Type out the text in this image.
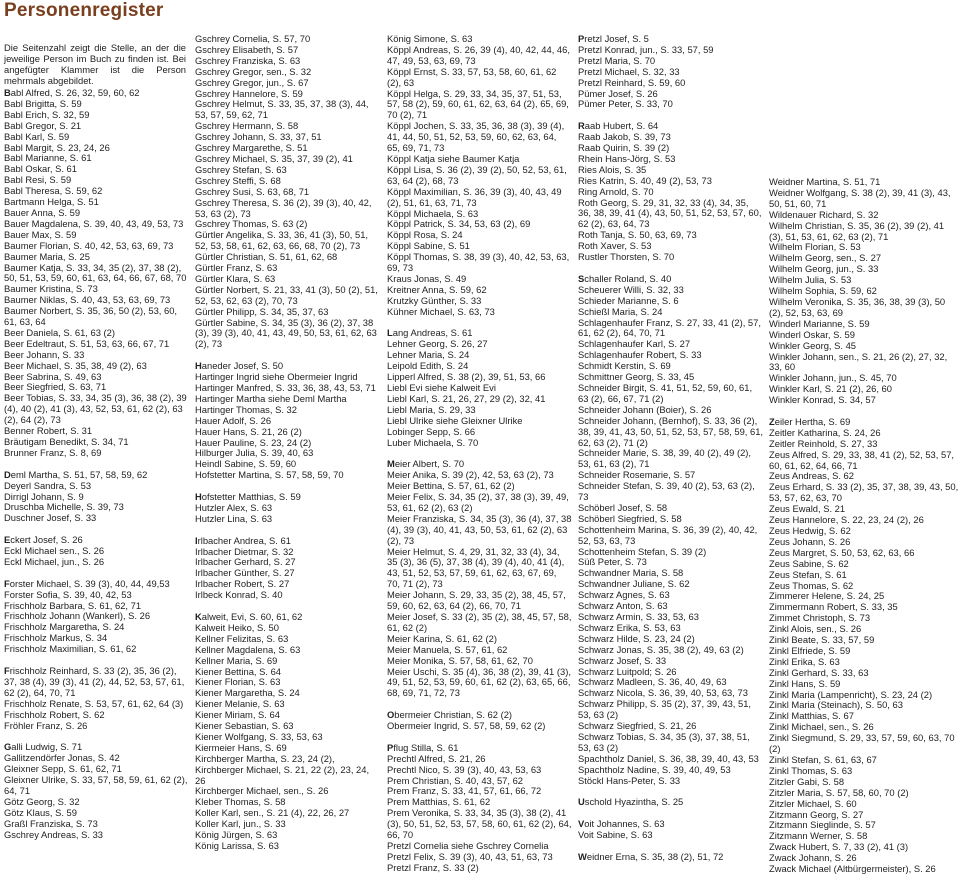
Personenregister

Die Seitenzahl zeigt die Stelle, an der die jeweilige Person im Buch zu finden ist. Bei angefügter Klammer ist die Person mehrmals abgebildet.

Babl Alfred, S. 26, 32, 59, 60, 62
Babl Brigitta, S. 59
Babl Erich, S. 32, 59
Babl Gregor, S. 21
Babl Karl, S. 59
Babl Margit, S. 23, 24, 26
Babl Marianne, S. 61
Babl Oskar, S. 61
Babl Resi, S. 59
Babl Theresa, S. 59, 62
Bartmann Helga, S. 51
Bauer Anna, S. 59
Bauer Magdalena, S. 39, 40, 43, 49, 53, 73
Bauer Max, S. 59
Baumer Florian, S. 40, 42, 53, 63, 69, 73
Baumer Maria, S. 25
Baumer Katja, S. 33, 34, 35 (2), 37, 38 (2), 50, 51, 53, 59, 60, 61, 63, 64, 66, 67, 68, 70
Baumer Kristina, S. 73
Baumer Niklas, S. 40, 43, 53, 63, 69, 73
Baumer Norbert, S. 35, 36, 50 (2), 53, 60, 61, 63, 64
Beer Daniela, S. 61, 63 (2)
Beer Edeltraut, S. 51, 53, 63, 66, 67, 71
Beer Johann, S. 33
Beer Michael, S. 35, 38, 49 (2), 63
Beer Sabrina, S. 49, 63
Beer Siegfried, S. 63, 71
Beer Tobias, S. 33, 34, 35 (3), 36, 38 (2), 39 (4), 40 (2), 41 (3), 43, 52, 53, 61, 62 (2), 63 (2), 64 (2), 73
Benner Robert, S. 31
Bräutigam Benedikt, S. 34, 71
Brunner Franz, S. 8, 69
Deml Martha, S. 51, 57, 58, 59, 62
Deyerl Sandra, S. 53
Dirrigl Johann, S. 9
Druschba Michelle, S. 39, 73
Duschner Josef, S. 33
Eckert Josef, S. 26
Eckl Michael sen., S. 26
Eckl Michael, jun., S. 26
Forster Michael, S. 39 (3), 40, 44, 49,53
Forster Sofia, S. 39, 40, 42, 53
Frischholz Barbara, S. 61, 62, 71
Frischholz Johann (Wankerl), S. 26
Frischholz Margaretha, S. 24
Frischholz Markus, S. 34
Frischholz Maximilian, S. 61, 62
Frischholz Reinhard, S. 33 (2), 35, 36 (2), 37, 38 (4), 39 (3), 41 (2), 44, 52, 53, 57, 61, 62 (2), 64, 70, 71
Frischholz Renate, S. 53, 57, 61, 62, 64 (3)
Frischholz Robert, S. 62
Fröhler Franz, S. 26
Galli Ludwig, S. 71
Gallitzendörfer Jonas, S. 42
Gleixner Sepp, S. 61, 62, 71
Gleixner Ulrike, S. 33, 57, 58, 59, 61, 62 (2), 64, 71
Götz Georg, S. 32
Götz Klaus, S. 59
Graßl Franziska, S. 73
Gschrey Andreas, S. 33
Gschrey Cornelia, S. 57, 70
Gschrey Elisabeth, S. 57
Gschrey Franziska, S. 63
Gschrey Gregor, sen., S. 32
Gschrey Gregor, jun., S. 67
Gschrey Hannelore, S. 59
Gschrey Helmut, S. 33, 35, 37, 38 (3), 44, 53, 57, 59, 62, 71
Gschrey Hermann, S. 58
Gschrey Johann, S. 33, 37, 51
Gschrey Margarethe, S. 51
Gschrey Michael, S. 35, 37, 39 (2), 41
Gschrey Stefan, S. 63
Gschrey Steffi, S. 68
Gschrey Susi, S. 63, 68, 71
Gschrey Theresa, S. 36 (2), 39 (3), 40, 42, 53, 63 (2), 73
Gschrey Thomas, S. 63 (2)
Gürtler Angelika, S. 33, 36, 41 (3), 50, 51, 52, 53, 58, 61, 62, 63, 66, 68, 70 (2), 73
Gürtler Christian, S. 51, 61, 62, 68
Gürtler Franz, S. 63
Gürtler Klara, S. 63
Gürtler Norbert, S. 21, 33, 41 (3), 50 (2), 51, 52, 53, 62, 63 (2), 70, 73
Gürtler Philipp, S. 34, 35, 37, 63
Gürtler Sabine, S. 34, 35 (3), 36 (2), 37, 38 (3), 39 (3), 40, 41, 43, 49, 50, 53, 61, 62, 63 (2), 73
Haneder Josef, S. 50
Hartinger Ingrid siehe Obermeier Ingrid
Hartinger Manfred, S. 33, 36, 38, 43, 53, 71
Hartinger Martha siehe Deml Martha
Hartinger Thomas, S. 32
Hauer Adolf, S. 26
Hauer Hans, S. 21, 26 (2)
Hauer Pauline, S. 23, 24 (2)
Hilburger Julia, S. 39, 40, 63
Heindl Sabine, S. 59, 60
Hofstetter Martina, S. 57, 58, 59, 70
Hofstetter Matthias, S. 59
Hutzler Alex, S. 63
Hutzler Lina, S. 63
Irlbacher Andrea, S. 61
Irlbacher Dietmar, S. 32
Irlbacher Gerhard, S. 27
Irlbacher Günther, S. 27
Irlbacher Robert, S. 27
Irlbeck Konrad, S. 40
Kalweit, Evi, S. 60, 61, 62
Kalweit Heiko, S. 50
Kellner Felizitas, S. 63
Kellner Magdalena, S. 63
Kellner Maria, S. 69
Kiener Bettina, S. 64
Kiener Florian, S. 63
Kiener Margaretha, S. 24
Kiener Melanie, S. 63
Kiener Miriam, S. 64
Kiener Sebastian, S. 63
Kiener Wolfgang, S. 33, 53, 63
Kiermeier Hans, S. 69
Kirchberger Martha, S. 23, 24 (2),
Kirchberger Michael, S. 21, 22 (2), 23, 24, 26
Kirchberger Michael, sen., S. 26
Kleber Thomas, S. 58
Koller Karl, sen., S. 21 (4), 22, 26, 27
Koller Karl, jun., S. 33
König Jürgen, S. 63
König Larissa, S. 63
König Simone, S. 63
Köppl Andreas, S. 26, 39 (4), 40, 42, 44, 46, 47, 49, 53, 63, 69, 73
Köppl Ernst, S. 33, 57, 53, 58, 60, 61, 62 (2), 63
Köppl Helga, S. 29, 33, 34, 35, 37, 51, 53, 57, 58 (2), 59, 60, 61, 62, 63, 64 (2), 65, 69, 70 (2), 71
Köppl Jochen, S. 33, 35, 36, 38 (3), 39 (4), 41, 44, 50, 51, 52, 53, 59, 60, 62, 63, 64, 65, 69, 71, 73
Köppl Katja siehe Baumer Katja
Köppl Lisa, S. 36 (2), 39 (2), 50, 52, 53, 61, 63, 64 (2), 68, 73
Köppl Maximilian, S. 36, 39 (3), 40, 43, 49 (2), 51, 61, 63, 71, 73
Köppl Michaela, S. 63
Köppl Patrick, S. 34, 53, 63 (2), 69
Köppl Rosa, S. 24
Köppl Sabine, S. 51
Köppl Thomas, S. 38, 39 (3), 40, 42, 53, 63, 69, 73
Kraus Jonas, S. 49
Kreitner Anna, S. 59, 62
Krutzky Günther, S. 33
Kühner Michael, S. 63, 73
Lang Andreas, S. 61
Lehner Georg, S. 26, 27
Lehner Maria, S. 24
Leipold Edith, S. 24
Lipperl Alfred, S. 38 (2), 39, 51, 53, 66
Liebl Evi siehe Kalweit Evi
Liebl Karl, S. 21, 26, 27, 29 (2), 32, 41
Liebl Maria, S. 29, 33
Liebl Ulrike siehe Gleixner Ulrike
Lobinger Sepp, S. 66
Luber Michaela, S. 70
Meier Albert, S. 70
Meier Anika, S. 39 (2), 42, 53, 63 (2), 73
Meier Bettina, S. 57, 61, 62 (2)
Meier Felix, S. 34, 35 (2), 37, 38 (3), 39, 49, 53, 61, 62 (2), 63 (2)
Meier Franziska, S. 34, 35 (3), 36 (4), 37, 38 (4), 39 (3), 40, 41, 43, 50, 53, 61, 62 (2), 63 (2), 73
Meier Helmut, S. 4, 29, 31, 32, 33 (4), 34, 35 (3), 36 (5), 37, 38 (4), 39 (4), 40, 41 (4), 43, 51, 52, 53, 57, 59, 61, 62, 63, 67, 69, 70, 71 (2), 73
Meier Johann, S. 29, 33, 35 (2), 38, 45, 57, 59, 60, 62, 63, 64 (2), 66, 70, 71
Meier Josef, S. 33 (2), 35 (2), 38, 45, 57, 58, 61, 62 (2)
Meier Karina, S. 61, 62 (2)
Meier Manuela, S. 57, 61, 62
Meier Monika, S. 57, 58, 61, 62, 70
Meier Uschi, S. 35 (4), 36, 38 (2), 39, 41 (3), 49, 51, 52, 53, 59, 60, 61, 62 (2), 63, 65, 66, 68, 69, 71, 72, 73
Obermeier Christian, S. 62 (2)
Obermeier Ingrid, S. 57, 58, 59, 62 (2)
Pflug Stilla, S. 61
Prechtl Alfred, S. 21, 26
Prechtl Nico, S. 39 (3), 40, 43, 53, 63
Prem Christian, S. 40, 43, 57, 62
Prem Franz, S. 33, 41, 57, 61, 66, 72
Prem Matthias, S. 61, 62
Prem Veronika, S. 33, 34, 35 (3), 38 (2), 41 (3), 50, 51, 52, 53, 57, 58, 60, 61, 62 (2), 64, 66, 70
Pretzl Cornelia siehe Gschrey Cornelia
Pretzl Felix, S. 39 (3), 40, 43, 51, 63, 73
Pretzl Franz, S. 33 (2)
Pretzl Josef, S. 5
Pretzl Konrad, jun., S. 33, 57, 59
Pretzl Maria, S. 70
Pretzl Michael, S. 32, 33
Pretzl Reinhard, S. 59, 60
Pümer Josef, S. 26
Pümer Peter, S. 33, 70
Raab Hubert, S. 64
Raab Jakob, S. 39, 73
Raab Quirin, S. 39 (2)
Rhein Hans-Jörg, S. 53
Ries Alois, S. 35
Ries Katrin, S. 40, 49 (2), 53, 73
Ring Arnold, S. 70
Roth Georg, S. 29, 31, 32, 33 (4), 34, 35, 36, 38, 39, 41 (4), 43, 50, 51, 52, 53, 57, 60, 62 (2), 63, 64, 73
Roth Tanja, S. 50, 63, 69, 73
Roth Xaver, S. 53
Rustler Thorsten, S. 70
Schaller Roland, S. 40
Scheuerer Willi, S. 32, 33
Schieder Marianne, S. 6
Schießl Maria, S. 24
Schlagenhaufer Franz, S. 27, 33, 41 (2), 57, 61, 62 (2), 64, 70, 71
Schlagenhaufer Karl, S. 27
Schlagenhaufer Robert, S. 33
Schmidt Kerstin, S. 69
Schmittner Georg, S. 33, 45
Schneider Birgit, S. 41, 51, 52, 59, 60, 61, 63 (2), 66, 67, 71 (2)
Schneider Johann (Boier), S. 26
Schneider Johann, (Bernhof), S. 33, 36 (2), 38, 39, 41, 43, 50, 51, 52, 53, 57, 58, 59, 61, 62, 63 (2), 71 (2)
Schneider Marie, S. 38, 39, 40 (2), 49 (2), 53, 61, 63 (2), 71
Schneider Rosemarie, S. 57
Schneider Stefan, S. 39, 40 (2), 53, 63 (2), 73
Schöberl Josef, S. 58
Schöberl Siegfried, S. 58
Schottenheim Marina, S. 36, 39 (2), 40, 42, 52, 53, 63, 73
Schottenheim Stefan, S. 39 (2)
Süß Peter, S. 73
Schwandner Maria, S. 58
Schwandner Juliane, S. 62
Schwarz Agnes, S. 63
Schwarz Anton, S. 63
Schwarz Armin, S. 33, 53, 63
Schwarz Erika, S. 53, 63
Schwarz Hilde, S. 23, 24 (2)
Schwarz Jonas, S. 35, 38 (2), 49, 63 (2)
Schwarz Josef, S. 33
Schwarz Luitpold; S. 26
Schwarz Madleen, S. 36, 40, 49, 63
Schwarz Nicola, S. 36, 39, 40, 53, 63, 73
Schwarz Philipp, S. 35 (2), 37, 39, 43, 51, 53, 63 (2)
Schwarz Siegfried, S. 21, 26
Schwarz Tobias, S. 34, 35 (3), 37, 38, 51, 53, 63 (2)
Spachtholz Daniel, S. 36, 38, 39, 40, 43, 53
Spachtholz Nadine, S. 39, 40, 49, 53
Stöckl Hans-Peter, S. 33
Uschold Hyazintha, S. 25
Voit Johannes, S. 63
Voit Sabine, S. 63
Weidner Erna, S. 35, 38 (2), 51, 72
Weidner Martina, S. 51, 71
Weidner Wolfgang, S. 38 (2), 39, 41 (3), 43, 50, 51, 60, 71
Wildenauer Richard, S. 32
Wilhelm Christian, S. 35, 36 (2), 39 (2), 41 (3), 51, 53, 61, 62, 63 (2), 71
Wilhelm Florian, S. 53
Wilhelm Georg, sen., S. 27
Wilhelm Georg, jun., S. 33
Wilhelm Julia, S. 53
Wilhelm Sophia, S. 59, 62
Wilhelm Veronika, S. 35, 36, 38, 39 (3), 50 (2), 52, 53, 63, 69
Winderl Marianne, S. 59
Winderl Oskar, S. 59
Winkler Georg, S. 45
Winkler Johann, sen., S. 21, 26 (2), 27, 32, 33, 60
Winkler Johann, jun., S. 45, 70
Winkler Karl, S. 21 (2), 26, 60
Winkler Konrad, S. 34, 57
Zeiler Hertha, S. 69
Zeitler Katharina, S. 24, 26
Zeitler Reinhold, S. 27, 33
Zeus Alfred, S. 29, 33, 38, 41 (2), 52, 53, 57, 60, 61, 62, 64, 66, 71
Zeus Andreas, S. 62
Zeus Erhard, S. 33 (2), 35, 37, 38, 39, 43, 50, 53, 57, 62, 63, 70
Zeus Ewald, S. 21
Zeus Hannelore, S. 22, 23, 24 (2), 26
Zeus Hedwig, S. 62
Zeus Johann, S. 26
Zeus Margret, S. 50, 53, 62, 63, 66
Zeus Sabine, S. 62
Zeus Stefan, S. 61
Zeus Thomas, S. 62
Zimmerer Helene, S. 24, 25
Zimmermann Robert, S. 33, 35
Zimmet Christoph, S. 73
Zinkl Alois, sen., S. 26
Zinkl Beate, S. 33, 57, 59
Zinkl Elfriede, S. 59
Zinkl Erika, S. 63
Zinkl Gerhard, S. 33, 63
Zinkl Hans, S. 59
Zinkl Maria (Lampenricht), S. 23, 24 (2)
Zinkl Maria (Steinach), S. 50, 63
Zinkl Matthias, S. 67
Zinkl Michael, sen., S. 26
Zinkl Siegmund, S. 29, 33, 57, 59, 60, 63, 70 (2)
Zinkl Stefan, S. 61, 63, 67
Zinkl Thomas, S. 63
Zitzler Gabi, S. 58
Zitzler Maria, S. 57, 58, 60, 70 (2)
Zitzler Michael, S. 60
Zitzmann Georg, S. 27
Zitzmann Sieglinde, S. 57
Zitzmann Werner, S. 58
Zwack Hubert, S. 7, 33 (2), 41 (3)
Zwack Johann, S. 26
Zwack Michael (Altbürgermeister), S. 26
